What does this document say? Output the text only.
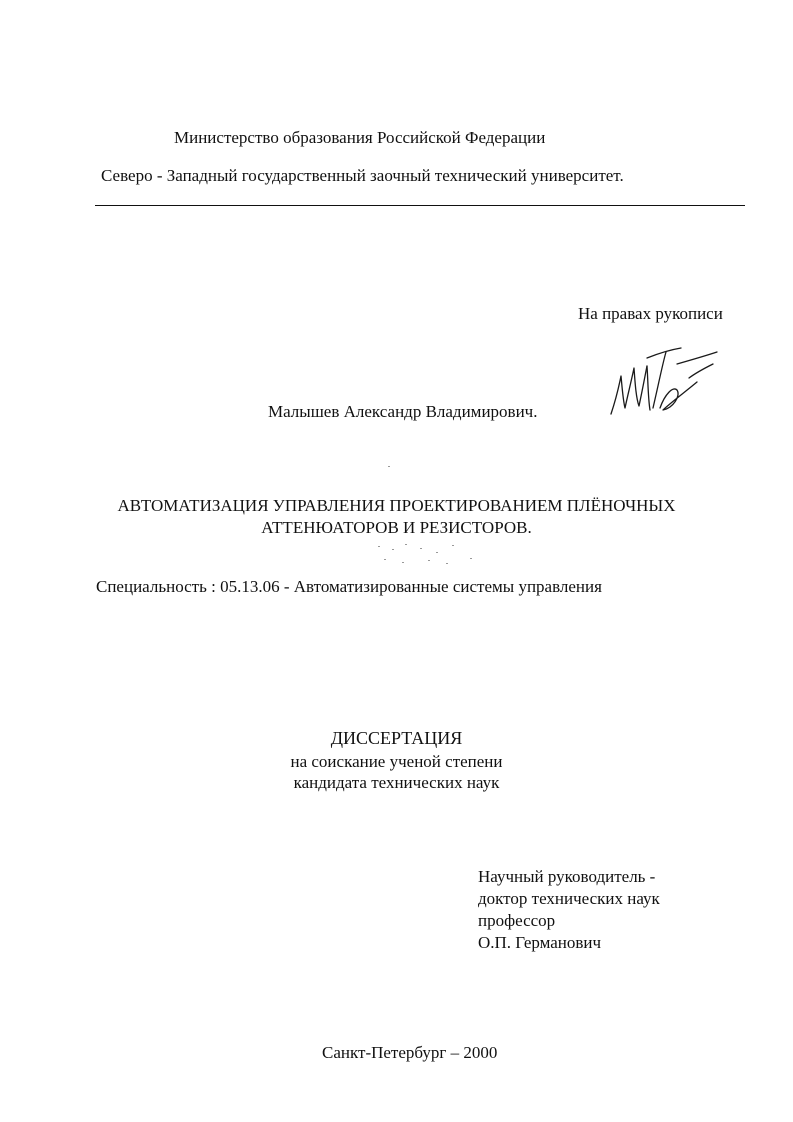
Министерство образования Российской Федерации

Северо - Западный государственный заочный технический университет.

На правах рукописи

Малышев Александр Владимирович.

АВТОМАТИЗАЦИЯ УПРАВЛЕНИЯ ПРОЕКТИРОВАНИЕМ ПЛЁНОЧНЫХ

АТТЕНЮАТОРОВ И РЕЗИСТОРОВ.

Специальность : 05.13.06 - Автоматизированные системы управления

ДИССЕРТАЦИЯ

на соискание ученой степени

кандидата технических наук

Научный руководитель -

доктор технических наук

профессор

О.П. Германович

Санкт-Петербург – 2000
